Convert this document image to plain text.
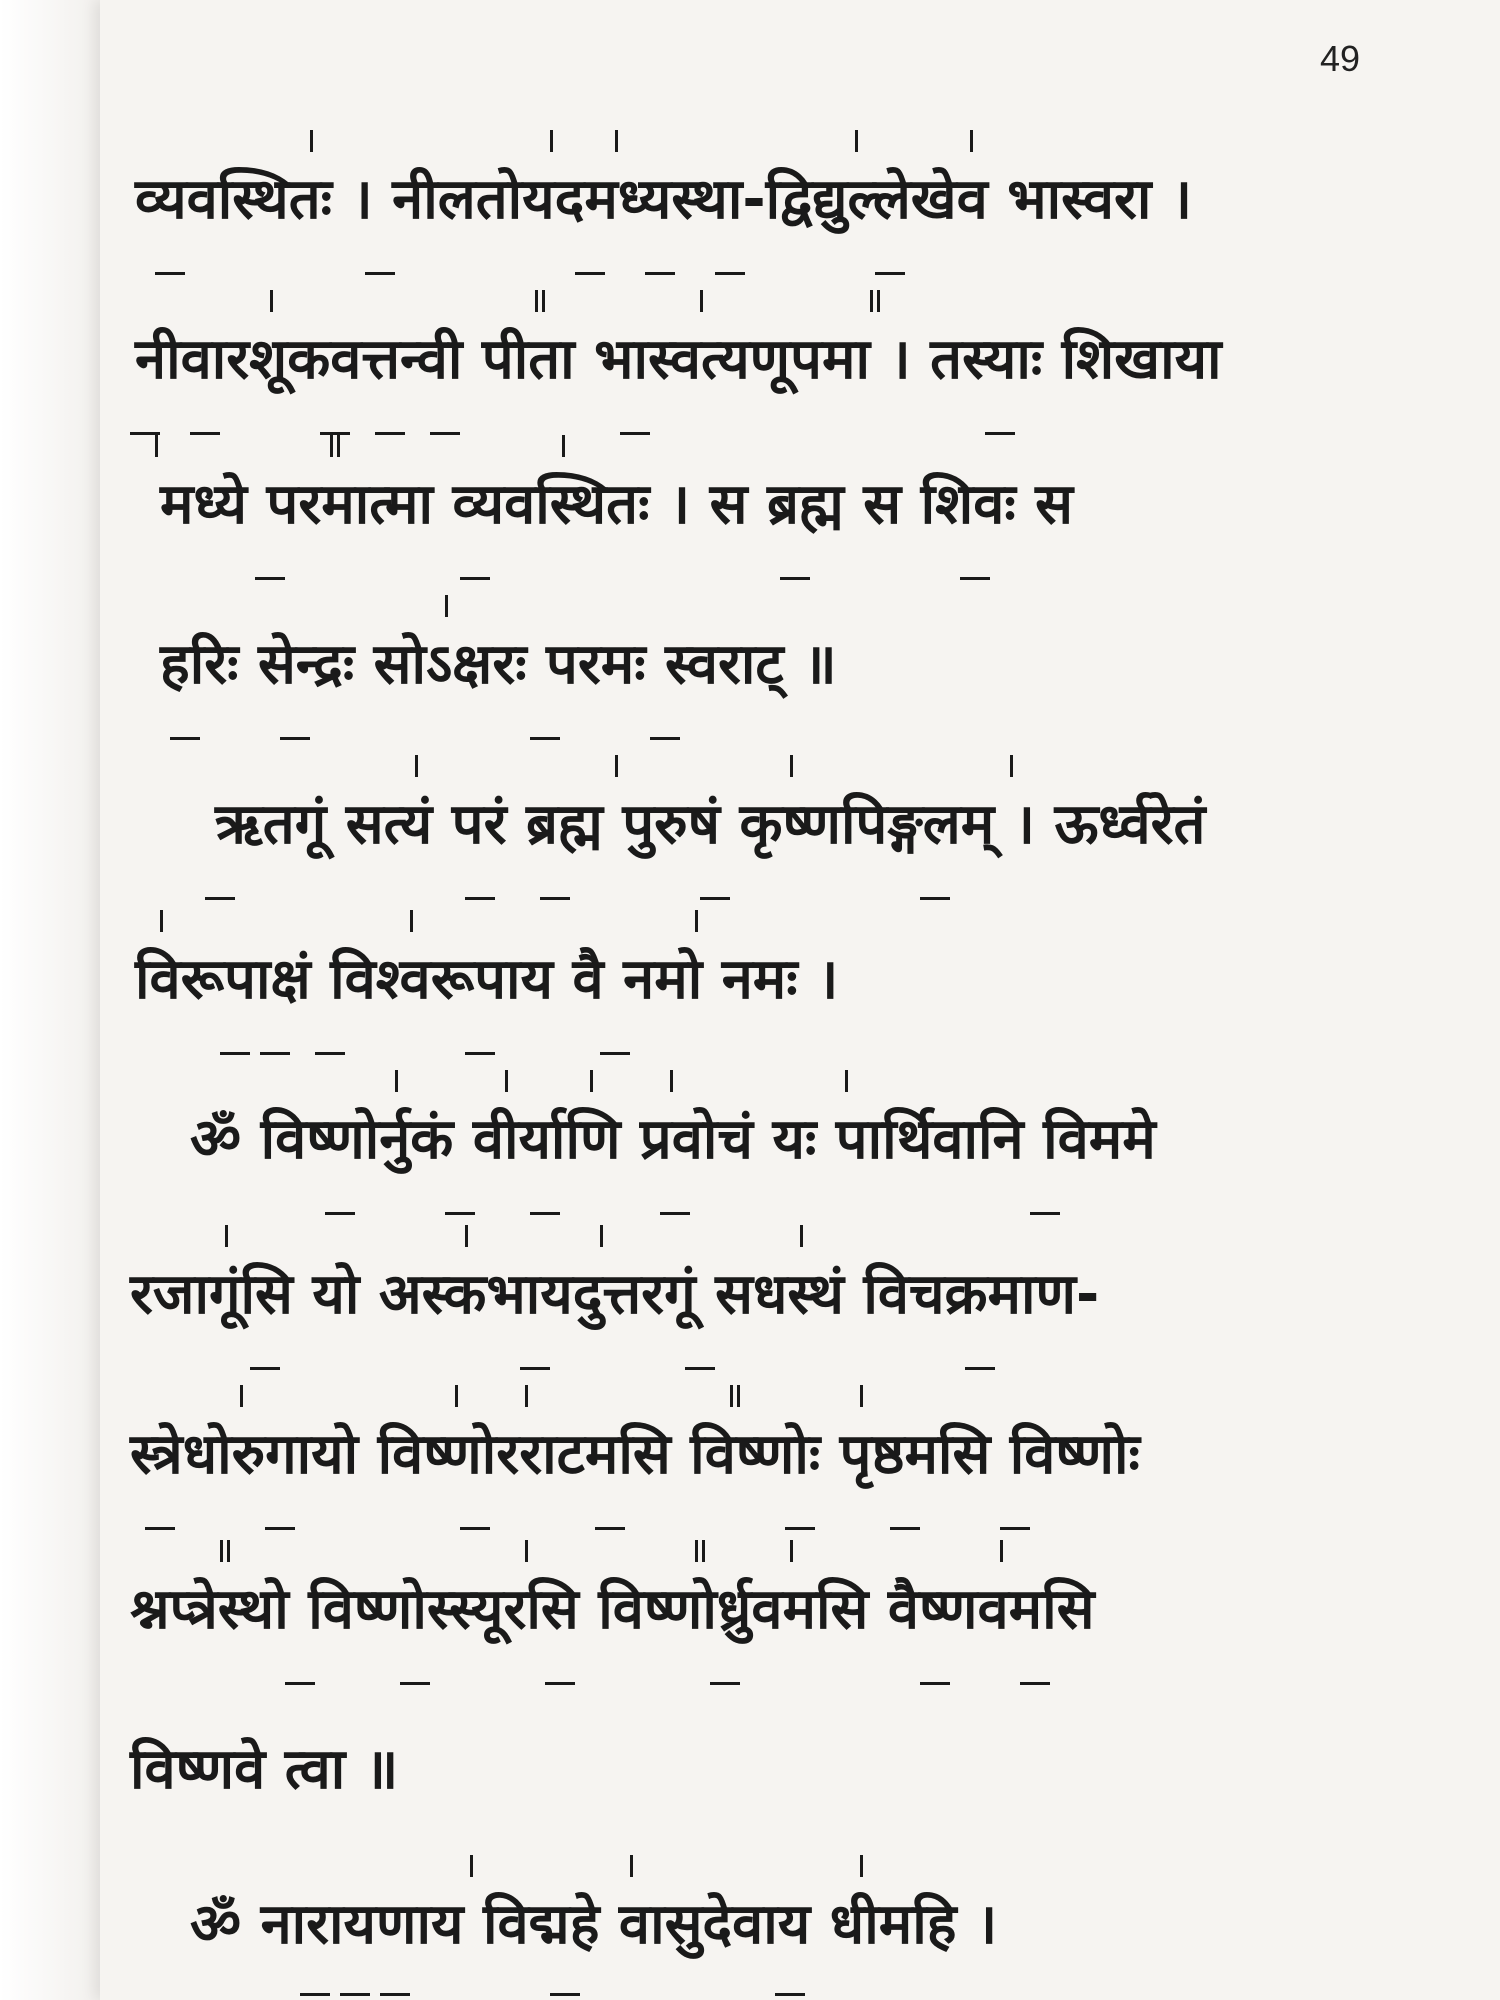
49
व्यवस्थितः । नीलतोयदमध्यस्था-द्विद्युल्लेखेव भास्वरा ।
नीवारशूकवत्तन्वी पीता भास्वत्यणूपमा । तस्याः शिखाया
मध्ये परमात्मा व्यवस्थितः । स ब्रह्म स शिवः स
हरिः सेन्द्रः सोऽक्षरः परमः स्वराट् ॥
ऋतगूं सत्यं परं ब्रह्म पुरुषं कृष्णपिङ्गलम् । ऊर्ध्वरेतं
विरूपाक्षं विश्वरूपाय वै नमो नमः ।
ॐ विष्णोर्नुकं वीर्याणि प्रवोचं यः पार्थिवानि विममे
रजागूंसि यो अस्कभायदुत्तरगूं सधस्थं विचक्रमाण-
स्त्रेधोरुगायो विष्णोरराटमसि विष्णोः पृष्ठमसि विष्णोः
श्नप्त्रेस्थो विष्णोस्स्यूरसि विष्णोर्ध्रुवमसि वैष्णवमसि
विष्णवे त्वा ॥
ॐ नारायणाय विद्महे वासुदेवाय धीमहि ।
